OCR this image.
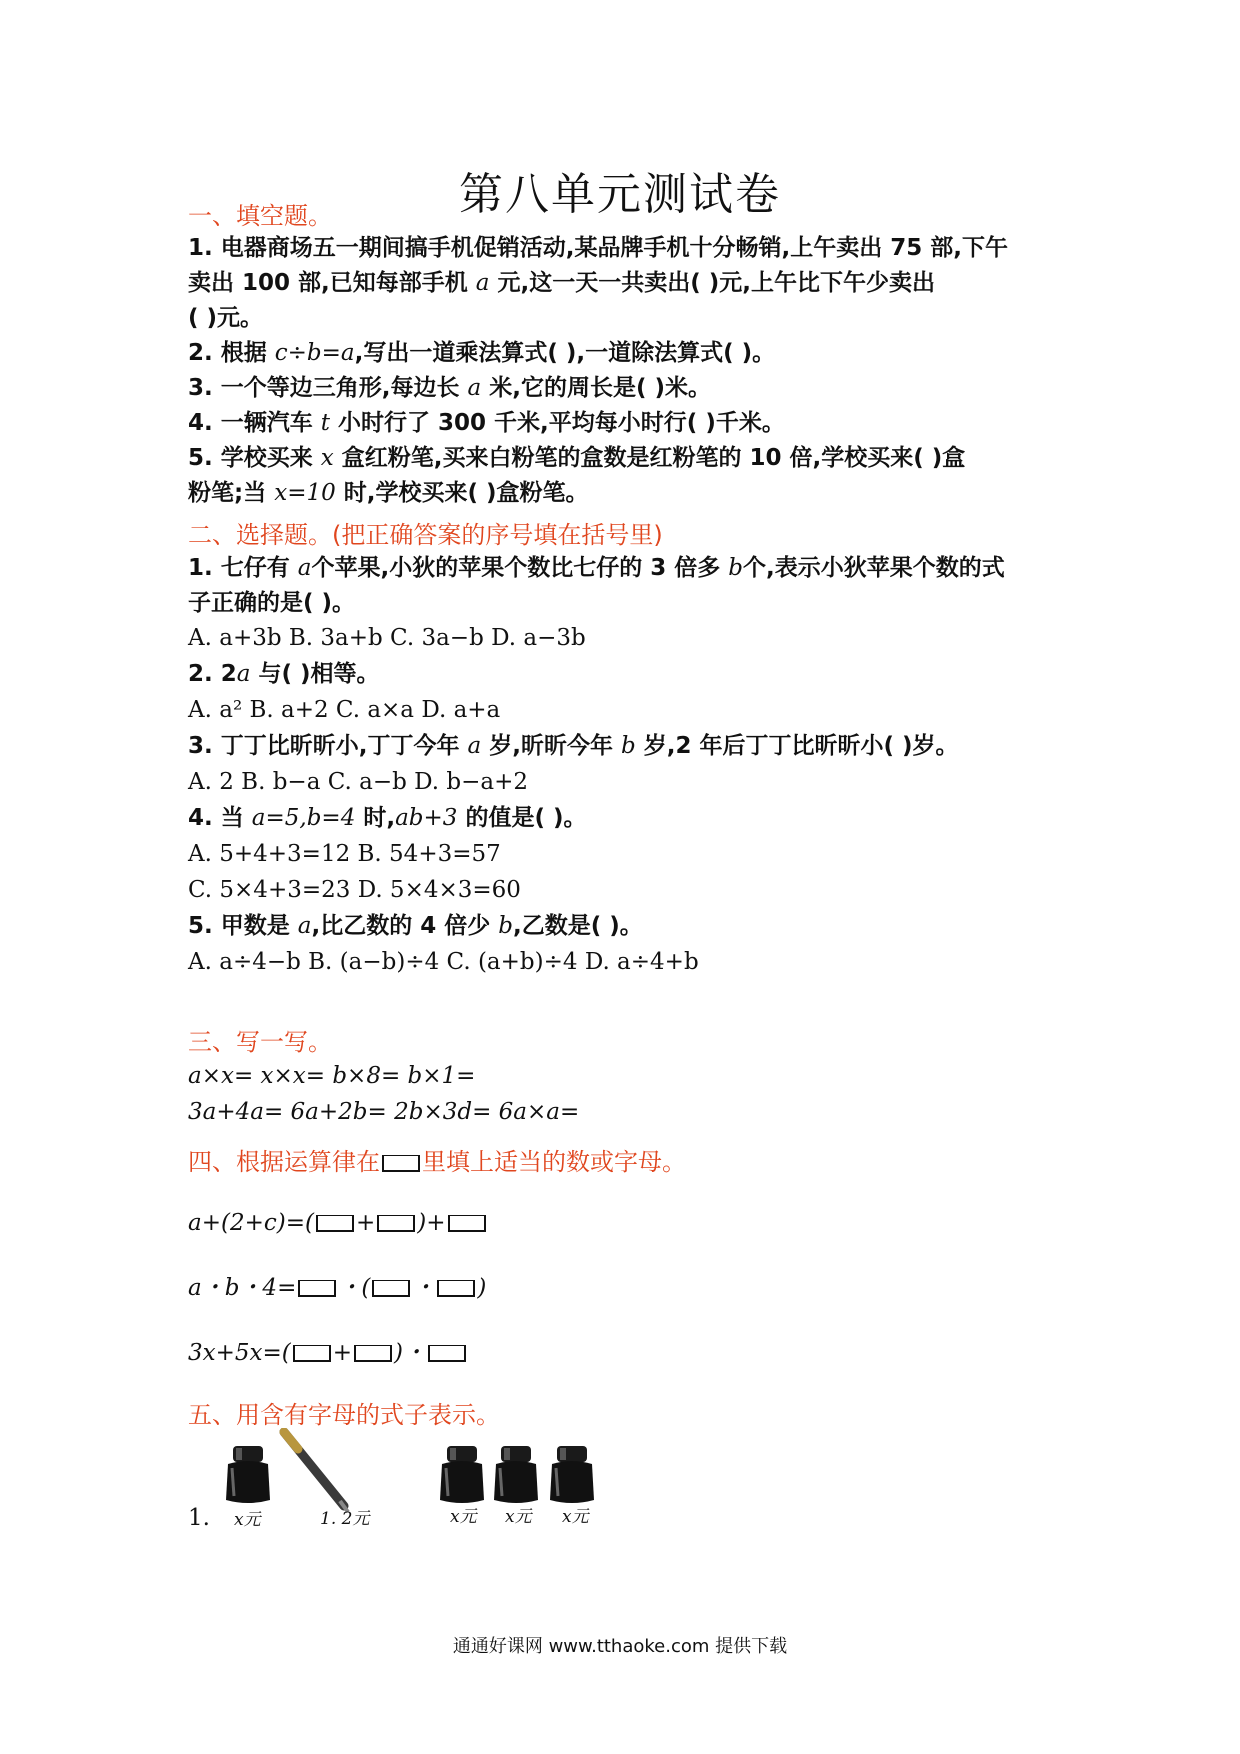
第八单元测试卷
一、填空题。
1. 电器商场五一期间搞手机促销活动,某品牌手机十分畅销,上午卖出 75 部,下午
卖出 100 部,已知每部手机 a 元,这一天一共卖出( )元,上午比下午少卖出
( )元。
2. 根据 c÷b=a,写出一道乘法算式( ),一道除法算式( )。
3. 一个等边三角形,每边长 a 米,它的周长是( )米。
4. 一辆汽车 t 小时行了 300 千米,平均每小时行( )千米。
5. 学校买来 x 盒红粉笔,买来白粉笔的盒数是红粉笔的 10 倍,学校买来( )盒
粉笔;当 x=10 时,学校买来( )盒粉笔。
二、选择题。(把正确答案的序号填在括号里)
1. 七仔有 a个苹果,小狄的苹果个数比七仔的 3 倍多 b个,表示小狄苹果个数的式
子正确的是( )。
A. a+3b B. 3a+b C. 3a−b D. a−3b
2. 2a 与( )相等。
A. a² B. a+2 C. a×a D. a+a
3. 丁丁比昕昕小,丁丁今年 a 岁,昕昕今年 b 岁,2 年后丁丁比昕昕小( )岁。
A. 2 B. b−a C. a−b D. b−a+2
4. 当 a=5,b=4 时,ab+3 的值是( )。
A. 5+4+3=12 B. 54+3=57
C. 5×4+3=23 D. 5×4×3=60
5. 甲数是 a,比乙数的 4 倍少 b,乙数是( )。
A. a÷4−b B. (a−b)÷4 C. (a+b)÷4 D. a÷4+b
三、写一写。
a×x= x×x= b×8= b×1=
3a+4a= 6a+2b= 2b×3d= 6a×a=
四、根据运算律在 里填上适当的数或字母。
a+(2+c)=( + )+
a・b・4= ・( ・ )
3x+5x=( + )・
五、用含有字母的式子表示。
1. x元	1. 2元	x元 x元 x元
通通好课网 www.tthaoke.com 提供下载
